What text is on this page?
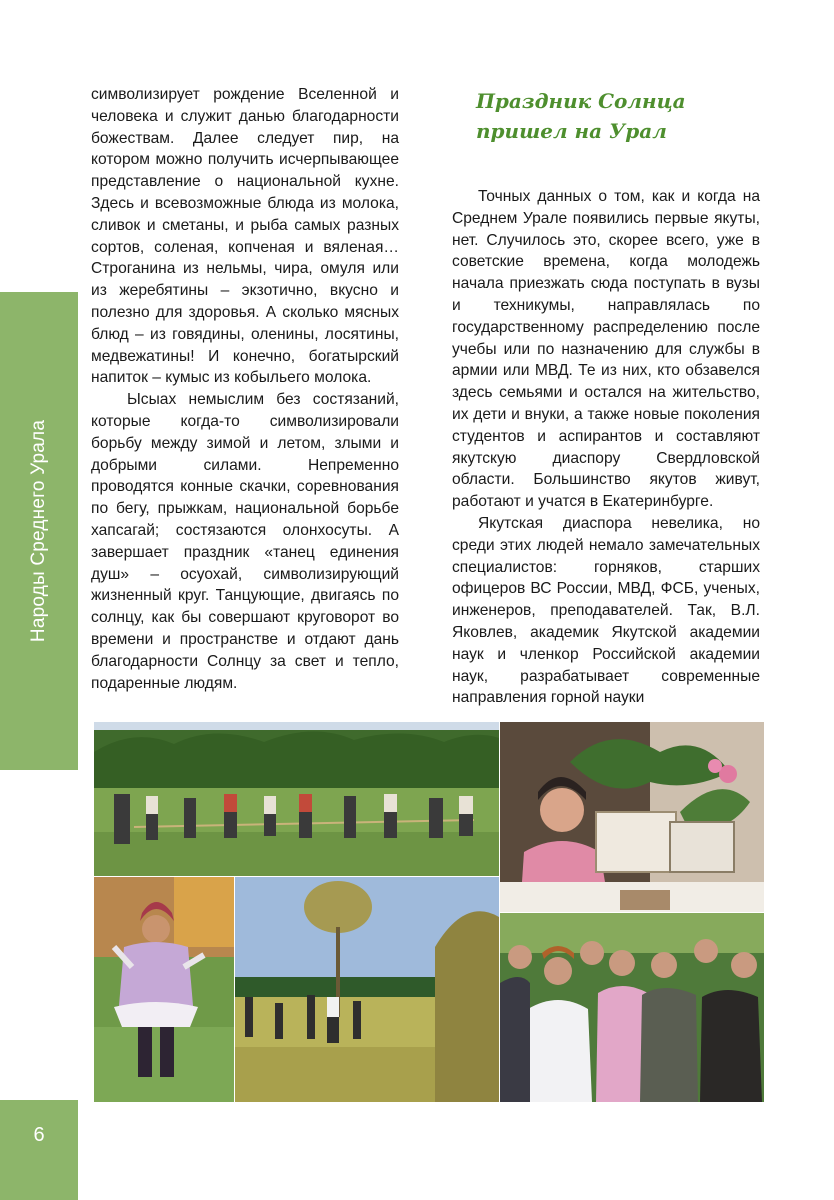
Народы Среднего Урала
6

символизирует рождение Вселенной и человека и служит данью благодарности божествам. Далее следует пир, на котором можно получить исчерпывающее представление о национальной кухне. Здесь и всевозможные блюда из молока, сливок и сметаны, и рыба самых разных сортов, соленая, копченая и вяленая… Строганина из нельмы, чира, омуля или из жеребятины – экзотично, вкусно и полезно для здоровья. А сколько мясных блюд – из говядины, оленины, лосятины, медвежатины! И конечно, богатырский напиток – кумыс из кобыльего молока.

Ысыах немыслим без состязаний, которые когда-то символизировали борьбу между зимой и летом, злыми и добрыми силами. Непременно проводятся конные скачки, соревнования по бегу, прыжкам, национальной борьбе хапсагай; состязаются олонхосуты. А завершает праздник «танец единения душ» – осуохай, символизирующий жизненный круг. Танцующие, двигаясь по солнцу, как бы совершают круговорот во времени и пространстве и отдают дань благодарности Солнцу за свет и тепло, подаренные людям.

Праздник Солнца
пришел на Урал

Точных данных о том, как и когда на Среднем Урале появились первые якуты, нет. Случилось это, скорее всего, уже в советские времена, когда молодежь начала приезжать сюда поступать в вузы и техникумы, направлялась по государственному распределению после учебы или по назначению для службы в армии или МВД. Те из них, кто обзавелся здесь семьями и остался на жительство, их дети и внуки, а также новые поколения студентов и аспирантов и составляют якутскую диаспору Свердловской области. Большинство якутов живут, работают и учатся в Екатеринбурге.

Якутская диаспора невелика, но среди этих людей немало замечательных специалистов: горняков, старших офицеров ВС России, МВД, ФСБ, ученых, инженеров, преподавателей. Так, В.Л. Яковлев, академик Якутской академии наук и членкор Российской академии наук, разрабатывает современные направления горной науки
